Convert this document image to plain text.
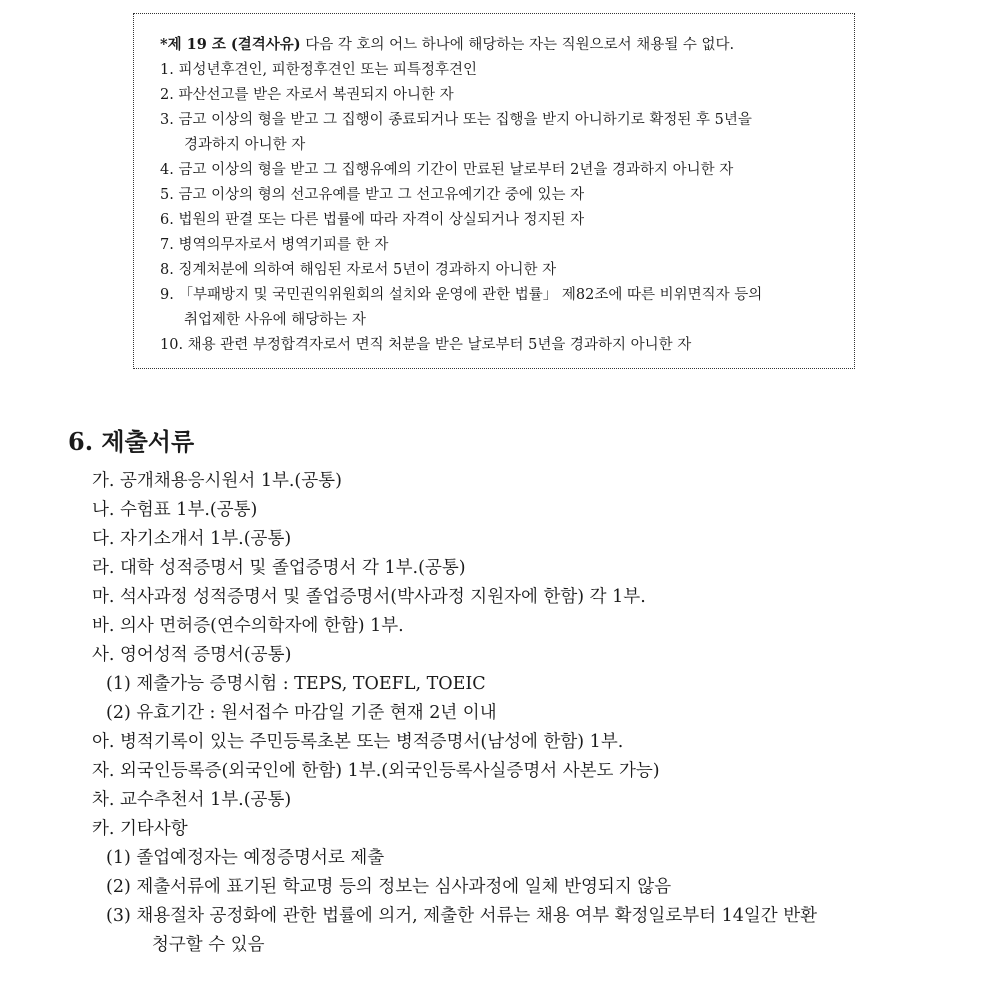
*제 19 조 (결격사유) 다음 각 호의 어느 하나에 해당하는 자는 직원으로서 채용될 수 없다.
1. 피성년후견인, 피한정후견인 또는 피특정후견인
2. 파산선고를 받은 자로서 복권되지 아니한 자
3. 금고 이상의 형을 받고 그 집행이 종료되거나 또는 집행을 받지 아니하기로 확정된 후 5년을
경과하지 아니한 자
4. 금고 이상의 형을 받고 그 집행유예의 기간이 만료된 날로부터 2년을 경과하지 아니한 자
5. 금고 이상의 형의 선고유예를 받고 그 선고유예기간 중에 있는 자
6. 법원의 판결 또는 다른 법률에 따라 자격이 상실되거나 정지된 자
7. 병역의무자로서 병역기피를 한 자
8. 징계처분에 의하여 해임된 자로서 5년이 경과하지 아니한 자
9. 「부패방지 및 국민권익위원회의 설치와 운영에 관한 법률」 제82조에 따른 비위면직자 등의
취업제한 사유에 해당하는 자
10. 채용 관련 부정합격자로서 면직 처분을 받은 날로부터 5년을 경과하지 아니한 자
6. 제출서류
가. 공개채용응시원서 1부.(공통)
나. 수험표 1부.(공통)
다. 자기소개서 1부.(공통)
라. 대학 성적증명서 및 졸업증명서 각 1부.(공통)
마. 석사과정 성적증명서 및 졸업증명서(박사과정 지원자에 한함) 각 1부.
바. 의사 면허증(연수의학자에 한함) 1부.
사. 영어성적 증명서(공통)
(1) 제출가능 증명시험 : TEPS, TOEFL, TOEIC
(2) 유효기간 : 원서접수 마감일 기준 현재 2년 이내
아. 병적기록이 있는 주민등록초본 또는 병적증명서(남성에 한함) 1부.
자. 외국인등록증(외국인에 한함) 1부.(외국인등록사실증명서 사본도 가능)
차. 교수추천서 1부.(공통)
카. 기타사항
(1) 졸업예정자는 예정증명서로 제출
(2) 제출서류에 표기된 학교명 등의 정보는 심사과정에 일체 반영되지 않음
(3) 채용절차 공정화에 관한 법률에 의거, 제출한 서류는 채용 여부 확정일로부터 14일간 반환
청구할 수 있음
